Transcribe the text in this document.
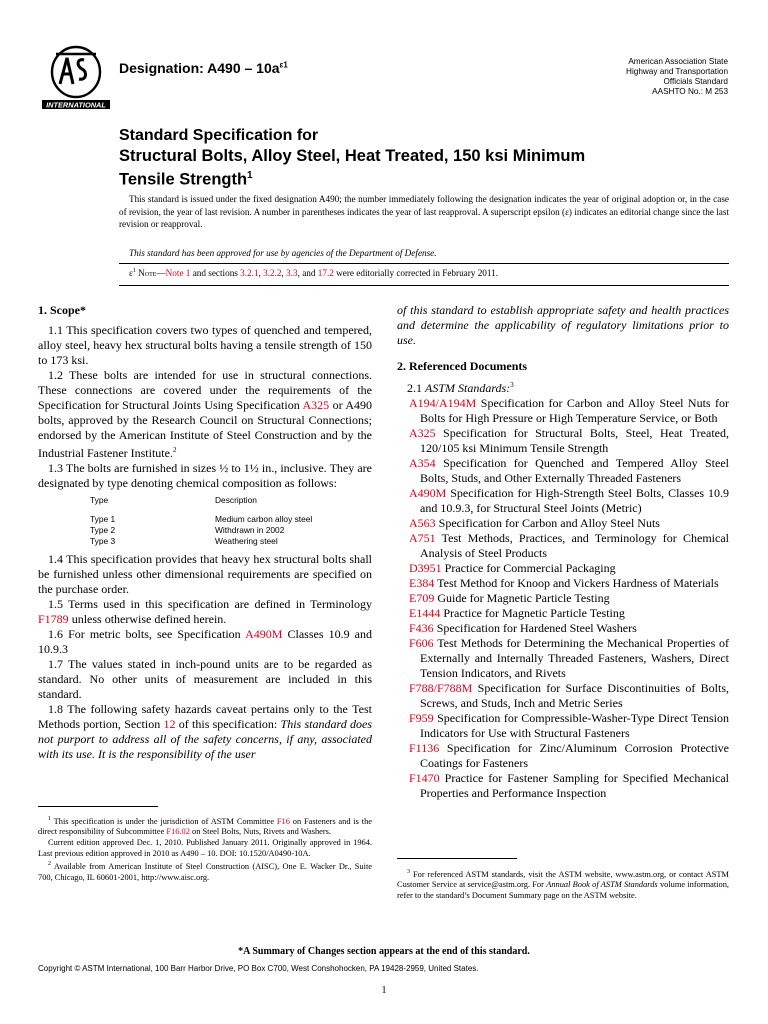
INTERNATIONAL
Designation: $A490 - 10a^{\varepsilon 1}$	American Association State
Highway and Transportation
Officials Standard
AASHTO No.: M 253
Standard Specification for
Structural Bolts, Alloy Steel, Heat Treated, 150 ksi Minimum
Tensile Strength$^1$
This standard is issued under the fixed designation A490; the number immediately following the designation indicates the year of original adoption or, in the case of revision, the year of last revision. A number in parentheses indicates the year of last reapproval. A superscript epsilon (ε) indicates an editorial change since the last revision or reapproval.
This standard has been approved for use by agencies of the Department of Defense.
$\varepsilon^1$ Note—Note 1 and sections 3.2.1, 3.2.2, 3.3, and 17.2 were editorially corrected in February 2011.
1. Scope*

1.1 This specification covers two types of quenched and tempered, alloy steel, heavy hex structural bolts having a tensile strength of 150 to 173 ksi.

1.2 These bolts are intended for use in structural connections. These connections are covered under the requirements of the Specification for Structural Joints Using Specification A325 or A490 bolts, approved by the Research Council on Structural Connections; endorsed by the American Institute of Steel Construction and by the Industrial Fastener Institute.$^2$

1.3 The bolts are furnished in sizes ½ to 1½ in., inclusive. They are designated by type denoting chemical composition as follows:

Type	Description

Type 1	Medium carbon alloy steel
Type 2	Withdrawn in 2002
Type 3	Weathering steel

1.4 This specification provides that heavy hex structural bolts shall be furnished unless other dimensional requirements are specified on the purchase order.

1.5 Terms used in this specification are defined in Terminology F1789 unless otherwise defined herein.

1.6 For metric bolts, see Specification A490M Classes 10.9 and 10.9.3

1.7 The values stated in inch-pound units are to be regarded as standard. No other units of measurement are included in this standard.

1.8 The following safety hazards caveat pertains only to the Test Methods portion, Section 12 of this specification: This standard does not purport to address all of the safety concerns, if any, associated with its use. It is the responsibility of the user

of this standard to establish appropriate safety and health practices and determine the applicability of regulatory limitations prior to use.

2. Referenced Documents

2.1 ASTM Standards:$^3$

A194/A194M Specification for Carbon and Alloy Steel Nuts for Bolts for High Pressure or High Temperature Service, or Both
A325 Specification for Structural Bolts, Steel, Heat Treated, 120/105 ksi Minimum Tensile Strength
A354 Specification for Quenched and Tempered Alloy Steel Bolts, Studs, and Other Externally Threaded Fasteners
A490M Specification for High-Strength Steel Bolts, Classes 10.9 and 10.9.3, for Structural Steel Joints (Metric)
A563 Specification for Carbon and Alloy Steel Nuts
A751 Test Methods, Practices, and Terminology for Chemical Analysis of Steel Products
D3951 Practice for Commercial Packaging
E384 Test Method for Knoop and Vickers Hardness of Materials
E709 Guide for Magnetic Particle Testing
E1444 Practice for Magnetic Particle Testing
F436 Specification for Hardened Steel Washers
F606 Test Methods for Determining the Mechanical Properties of Externally and Internally Threaded Fasteners, Washers, Direct Tension Indicators, and Rivets
F788/F788M Specification for Surface Discontinuities of Bolts, Screws, and Studs, Inch and Metric Series
F959 Specification for Compressible-Washer-Type Direct Tension Indicators for Use with Structural Fasteners
F1136 Specification for Zinc/Aluminum Corrosion Protective Coatings for Fasteners
F1470 Practice for Fastener Sampling for Specified Mechanical Properties and Performance Inspection

$^1$ This specification is under the jurisdiction of ASTM Committee F16 on Fasteners and is the direct responsibility of Subcommittee F16.02 on Steel Bolts, Nuts, Rivets and Washers.

Current edition approved Dec. 1, 2010. Published January 2011. Originally approved in 1964. Last previous edition approved in 2010 as A490 – 10. DOI: 10.1520/A0490-10A.

$^2$ Available from American Institute of Steel Construction (AISC), One E. Wacker Dr., Suite 700, Chicago, IL 60601-2001, http://www.aisc.org.

$^3$ For referenced ASTM standards, visit the ASTM website, www.astm.org, or contact ASTM Customer Service at service@astm.org. For Annual Book of ASTM Standards volume information, refer to the standard’s Document Summary page on the ASTM website.

*A Summary of Changes section appears at the end of this standard.
Copyright © ASTM International, 100 Barr Harbor Drive, PO Box C700, West Conshohocken, PA 19428-2959, United States.
1
